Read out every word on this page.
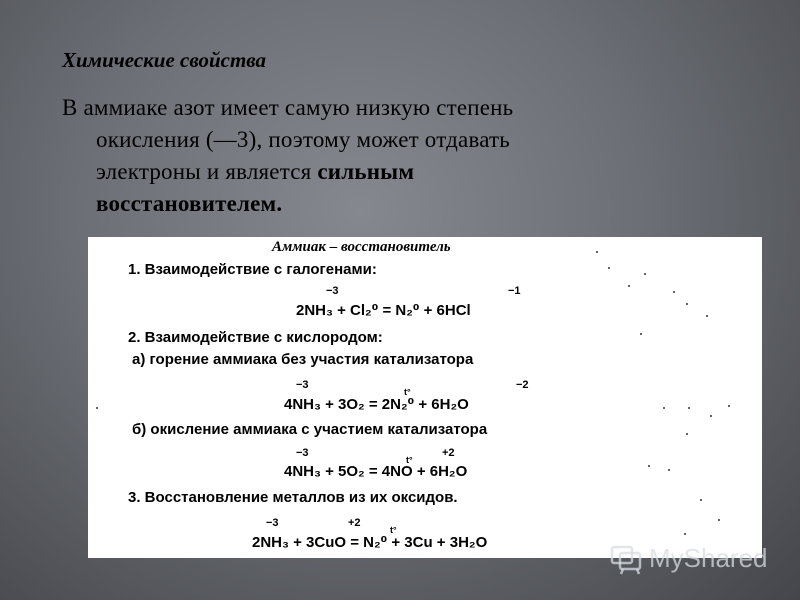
Химические свойства
В аммиаке азот имеет самую низкую степень
окисления (—3), поэтому может отдавать
электроны и является сильным
восстановителем.
Аммиак – восстановитель
1. Взаимодействие с галогенами:
−3	−1
2NH₃ + Cl₂⁰ = N₂⁰ + 6HCl
2. Взаимодействие с кислородом:
а) горение аммиака без участия катализатора
−3
t°
−2
4NH₃ + 3O₂ = 2N₂⁰ + 6H₂O
б) окисление аммиака с участием катализатора
−3
t°
+2
4NH₃ + 5O₂ = 4NO + 6H₂O
3. Восстановление металлов из их оксидов.
−3	+2
t°
2NH₃ + 3CuO = N₂⁰ + 3Cu + 3H₂O	MyShared
